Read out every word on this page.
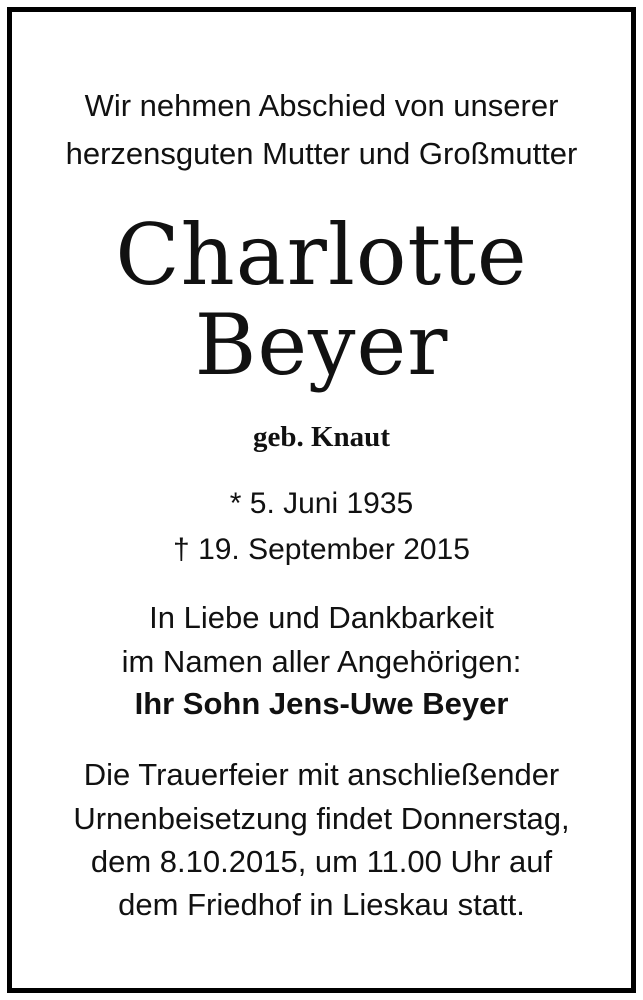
Wir nehmen Abschied von unserer
herzensguten Mutter und Großmutter
Charlotte
Beyer
geb. Knaut
* 5. Juni 1935
† 19. September 2015
In Liebe und Dankbarkeit
im Namen aller Angehörigen:
Ihr Sohn Jens-Uwe Beyer
Die Trauerfeier mit anschließender
Urnenbeisetzung findet Donnerstag,
dem 8.10.2015, um 11.00 Uhr auf
dem Friedhof in Lieskau statt.
